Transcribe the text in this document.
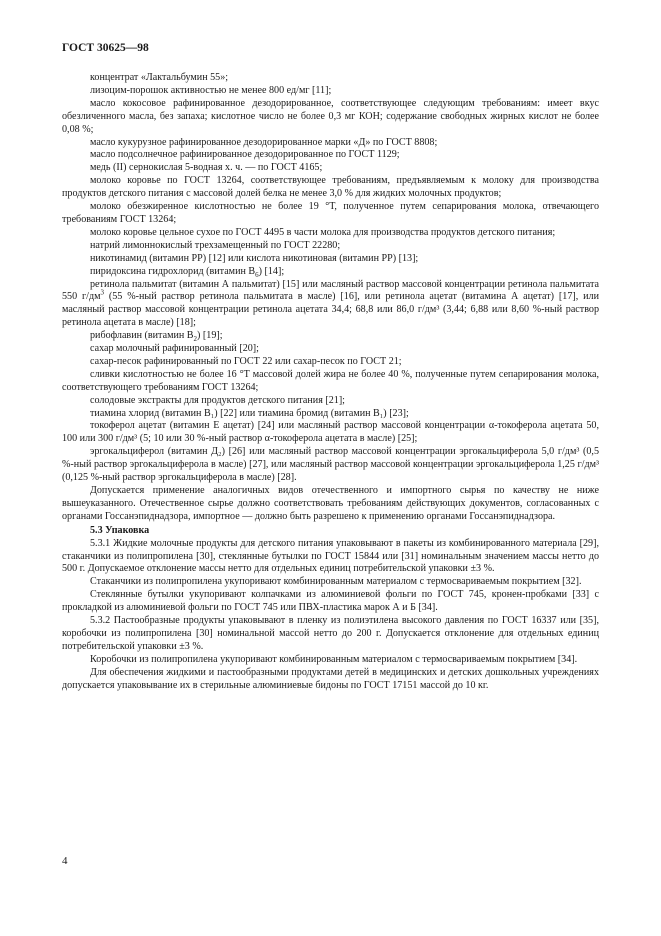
ГОСТ 30625—98

концентрат «Лактальбумин 55»;

лизоцим-порошок активностью не менее 800 ед/мг [11];

масло кокосовое рафинированное дезодорированное, соответствующее следующим требованиям: имеет вкус обезличенного масла, без запаха; кислотное число не более 0,3 мг КОН; содержание свободных жирных кислот не более 0,08 %;

масло кукурузное рафинированное дезодорированное марки «Д» по ГОСТ 8808;

масло подсолнечное рафинированное дезодорированное по ГОСТ 1129;

медь (II) сернокислая 5-водная х. ч. — по ГОСТ 4165;

молоко коровье по ГОСТ 13264, соответствующее требованиям, предъявляемым к молоку для производства продуктов детского питания с массовой долей белка не менее 3,0 % для жидких молочных продуктов;

молоко обезжиренное кислотностью не более 19 °Т, полученное путем сепарирования молока, отвечающего требованиям ГОСТ 13264;

молоко коровье цельное сухое по ГОСТ 4495 в части молока для производства продуктов детского питания;

натрий лимоннокислый трехзамещенный по ГОСТ 22280;

никотинамид (витамин PP) [12] или кислота никотиновая (витамин PP) [13];

пиридоксина гидрохлорид (витамин $B_6$) [14];

ретинола пальмитат (витамин А пальмитат) [15] или масляный раствор массовой концентрации ретинола пальмитата 550 $г/дм^3$ (55 %-ный раствор ретинола пальмитата в масле) [16], или ретинола ацетат (витамина А ацетат) [17], или масляный раствор массовой концентрации ретинола ацетата 34,4; 68,8 или 86,0 г/дм³ (3,44; 6,88 или 8,60 %-ный раствор ретинола ацетата в масле) [18];

рибофлавин (витамин $B_2$) [19];

сахар молочный рафинированный [20];

сахар-песок рафинированный по ГОСТ 22 или сахар-песок по ГОСТ 21;

сливки кислотностью не более 16 °Т массовой долей жира не более 40 %, полученные путем сепарирования молока, соответствующего требованиям ГОСТ 13264;

солодовые экстракты для продуктов детского питания [21];

тиамина хлорид (витамин B₁) [22] или тиамина бромид (витамин B₁) [23];

токоферол ацетат (витамин Е ацетат) [24] или масляный раствор массовой концентрации α-токоферола ацетата 50, 100 или 300 г/дм³ (5; 10 или 30 %-ный раствор α-токоферола ацетата в масле) [25];

эргокальциферол (витамин Д₂) [26] или масляный раствор массовой концентрации эргокальциферола 5,0 г/дм³ (0,5 %-ный раствор эргокальциферола в масле) [27], или масляный раствор массовой концентрации эргокальциферола 1,25 г/дм³ (0,125 %-ный раствор эргокальциферола в масле) [28].

Допускается применение аналогичных видов отечественного и импортного сырья по качеству не ниже вышеуказанного. Отечественное сырье должно соответствовать требованиям действующих документов, согласованных с органами Госсанэпиднадзора, импортное — должно быть разрешено к применению органами Госсанэпиднадзора.

5.3 Упаковка

5.3.1 Жидкие молочные продукты для детского питания упаковывают в пакеты из комбинированного материала [29], стаканчики из полипропилена [30], стеклянные бутылки по ГОСТ 15844 или [31] номинальным значением массы нетто до 500 г. Допускаемое отклонение массы нетто для отдельных единиц потребительской упаковки ±3 %.

Стаканчики из полипропилена укупоривают комбинированным материалом с термосвариваемым покрытием [32].

Стеклянные бутылки укупоривают колпачками из алюминиевой фольги по ГОСТ 745, кронен-пробками [33] с прокладкой из алюминиевой фольги по ГОСТ 745 или ПВХ-пластика марок А и Б [34].

5.3.2 Пастообразные продукты упаковывают в пленку из полиэтилена высокого давления по ГОСТ 16337 или [35], коробочки из полипропилена [30] номинальной массой нетто до 200 г. Допускается отклонение для отдельных единиц потребительской упаковки ±3 %.

Коробочки из полипропилена укупоривают комбинированным материалом с термосвариваемым покрытием [34].

Для обеспечения жидкими и пастообразными продуктами детей в медицинских и детских дошкольных учреждениях допускается упаковывание их в стерильные алюминиевые бидоны по ГОСТ 17151 массой до 10 кг.

4
